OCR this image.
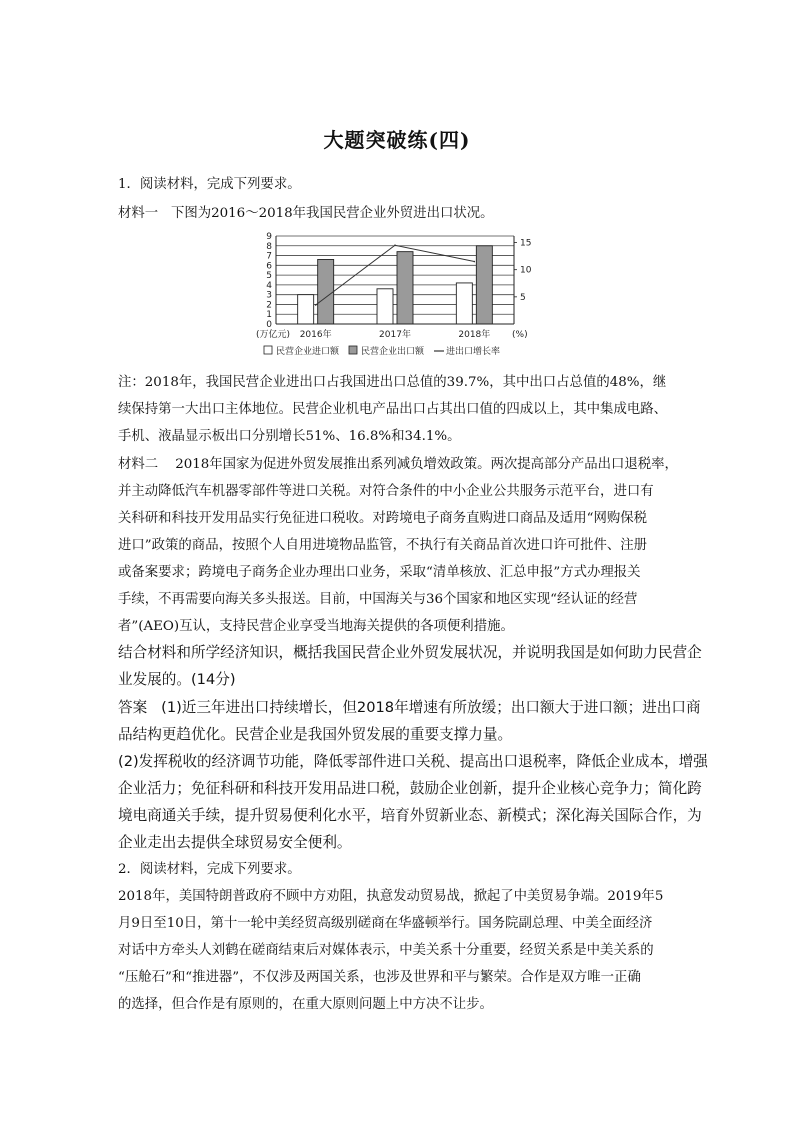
大题突破练(四)
1．阅读材料，完成下列要求。
材料一 下图为2016～2018年我国民营企业外贸进出口状况。
0
1
2
3
4
5
6
7
8
9
5
10
15
(万亿元)	(%)
2016年	2017年	2018年
民营企业进口额 民营企业出口额 进出口增长率
注：2018年，我国民营企业进出口占我国进出口总值的39.7%，其中出口占总值的48%，继
续保持第一大出口主体地位。民营企业机电产品出口占其出口值的四成以上，其中集成电路、
手机、液晶显示板出口分别增长51%、16.8%和34.1%。
材料二 2018年国家为促进外贸发展推出系列减负增效政策。两次提高部分产品出口退税率，
并主动降低汽车机器零部件等进口关税。对符合条件的中小企业公共服务示范平台，进口有
关科研和科技开发用品实行免征进口税收。对跨境电子商务直购进口商品及适用“网购保税
进口”政策的商品，按照个人自用进境物品监管，不执行有关商品首次进口许可批件、注册
或备案要求；跨境电子商务企业办理出口业务，采取“清单核放、汇总申报”方式办理报关
手续，不再需要向海关多头报送。目前，中国海关与36个国家和地区实现“经认证的经营
者”(AEO)互认，支持民营企业享受当地海关提供的各项便利措施。
结合材料和所学经济知识，概括我国民营企业外贸发展状况，并说明我国是如何助力民营企
业发展的。(14分)
答案 (1)近三年进出口持续增长，但2018年增速有所放缓；出口额大于进口额；进出口商
品结构更趋优化。民营企业是我国外贸发展的重要支撑力量。
(2)发挥税收的经济调节功能，降低零部件进口关税、提高出口退税率，降低企业成本，增强
企业活力；免征科研和科技开发用品进口税，鼓励企业创新，提升企业核心竞争力；简化跨
境电商通关手续，提升贸易便利化水平，培育外贸新业态、新模式；深化海关国际合作，为
企业走出去提供全球贸易安全便利。
2．阅读材料，完成下列要求。
2018年，美国特朗普政府不顾中方劝阻，执意发动贸易战，掀起了中美贸易争端。2019年5
月9日至10日，第十一轮中美经贸高级别磋商在华盛顿举行。国务院副总理、中美全面经济
对话中方牵头人刘鹤在磋商结束后对媒体表示，中美关系十分重要，经贸关系是中美关系的
“压舱石”和“推进器”，不仅涉及两国关系，也涉及世界和平与繁荣。合作是双方唯一正确
的选择，但合作是有原则的，在重大原则问题上中方决不让步。
